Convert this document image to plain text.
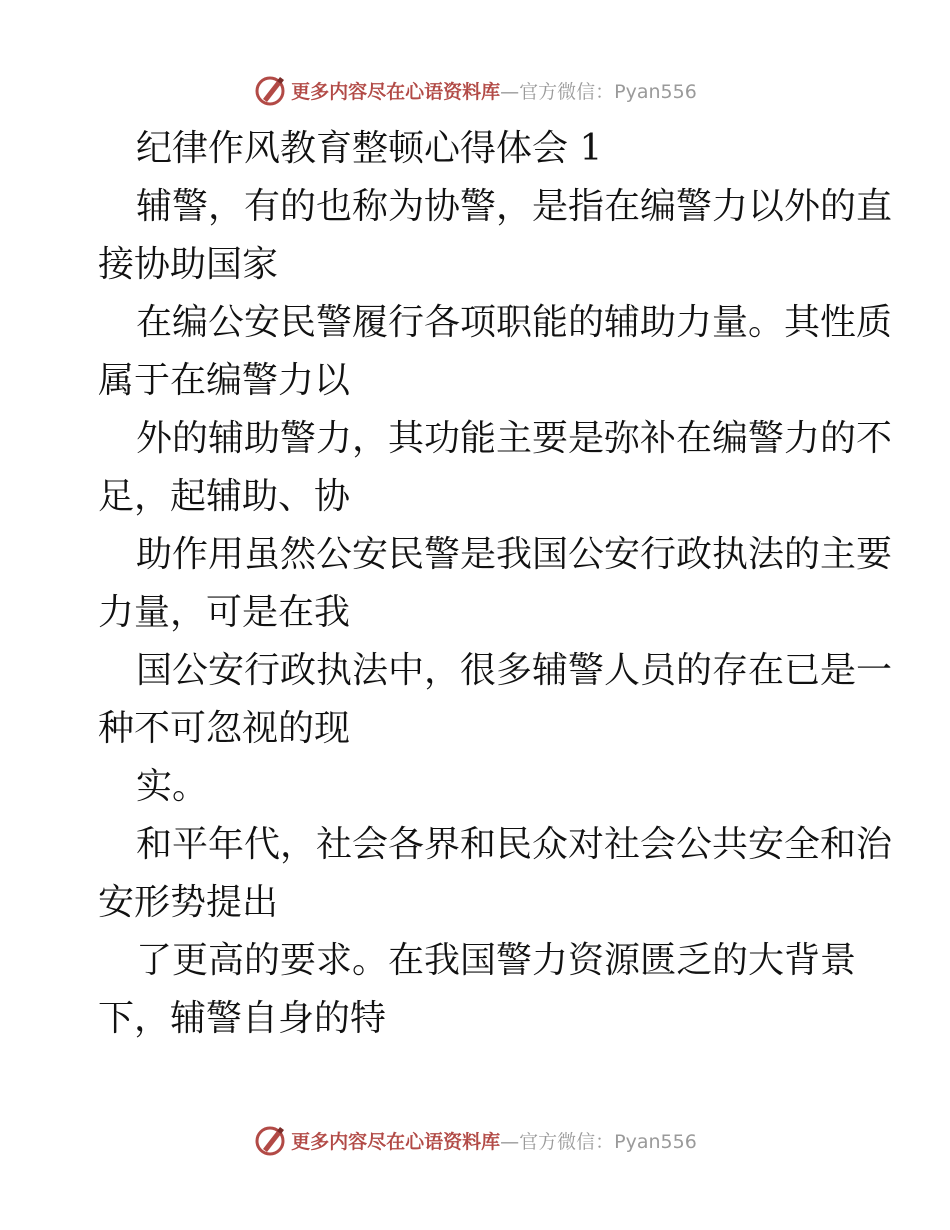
更多内容尽在心语资料库 —官方微信：Pyan556
纪律作风教育整顿心得体会 1
辅警，有的也称为协警，是指在编警力以外的直
接协助国家
在编公安民警履行各项职能的辅助力量。其性质
属于在编警力以
外的辅助警力，其功能主要是弥补在编警力的不
足，起辅助、协
助作用虽然公安民警是我国公安行政执法的主要
力量，可是在我
国公安行政执法中，很多辅警人员的存在已是一
种不可忽视的现
实。
和平年代，社会各界和民众对社会公共安全和治
安形势提出
了更高的要求。在我国警力资源匮乏的大背景
下，辅警自身的特
更多内容尽在心语资料库 —官方微信：Pyan556
